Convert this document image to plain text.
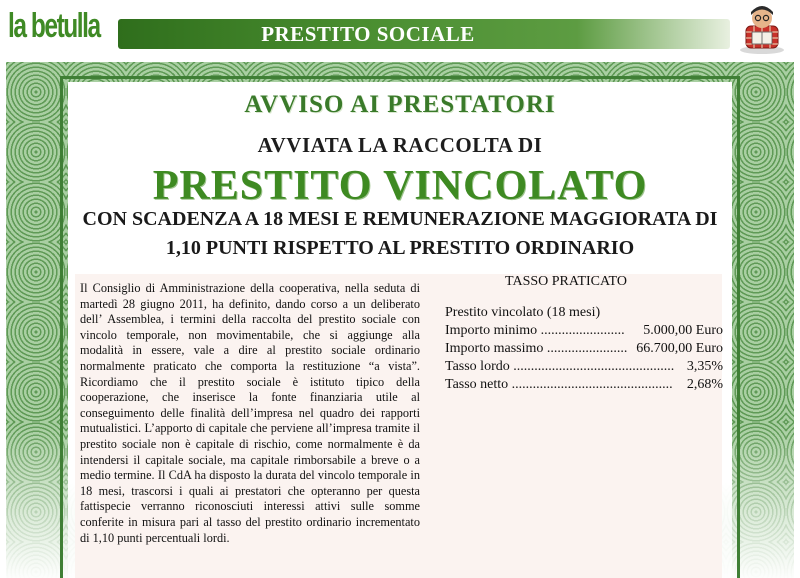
la betulla	PRESTITO SOCIALE
AVVISO AI PRESTATORI
AVVIATA LA RACCOLTA DI
PRESTITO VINCOLATO
CON SCADENZA A 18 MESI E REMUNERAZIONE MAGGIORATA DI
1,10 PUNTI RISPETTO AL PRESTITO ORDINARIO
Il Consiglio di Amministrazione della cooperativa, nella seduta di martedì 28 giugno 2011, ha definito, dando corso a un deliberato dell’ Assemblea, i termini della raccolta del prestito sociale con vincolo temporale, non movimentabile, che si aggiunge alla modalità in essere, vale a dire al prestito sociale ordinario normalmente praticato che comporta la restituzione “a vista”. Ricordiamo che il prestito sociale è istituto tipico della cooperazione, che inserisce la fonte finanziaria utile al conseguimento delle finalità dell’impresa nel quadro dei rapporti mutualistici. L’apporto di capitale che perviene all’impresa tramite il prestito sociale non è capitale di rischio, come normalmente è da intendersi il capitale sociale, ma capitale rimborsabile a breve o a medio termine. Il CdA ha disposto la durata del vincolo temporale in 18 mesi, trascorsi i quali ai prestatori che opteranno per questa fattispecie verranno riconosciuti interessi attivi sulle somme conferite in misura pari al tasso del prestito ordinario incrementato di 1,10 punti percentuali lordi.
TASSO PRATICATO
Prestito vincolato (18 mesi)
Importo minimo ........................ 5.000,00 Euro
Importo massimo ....................... 66.700,00 Euro
Tasso lordo .............................................. 3,35%
Tasso netto .............................................. 2,68%
